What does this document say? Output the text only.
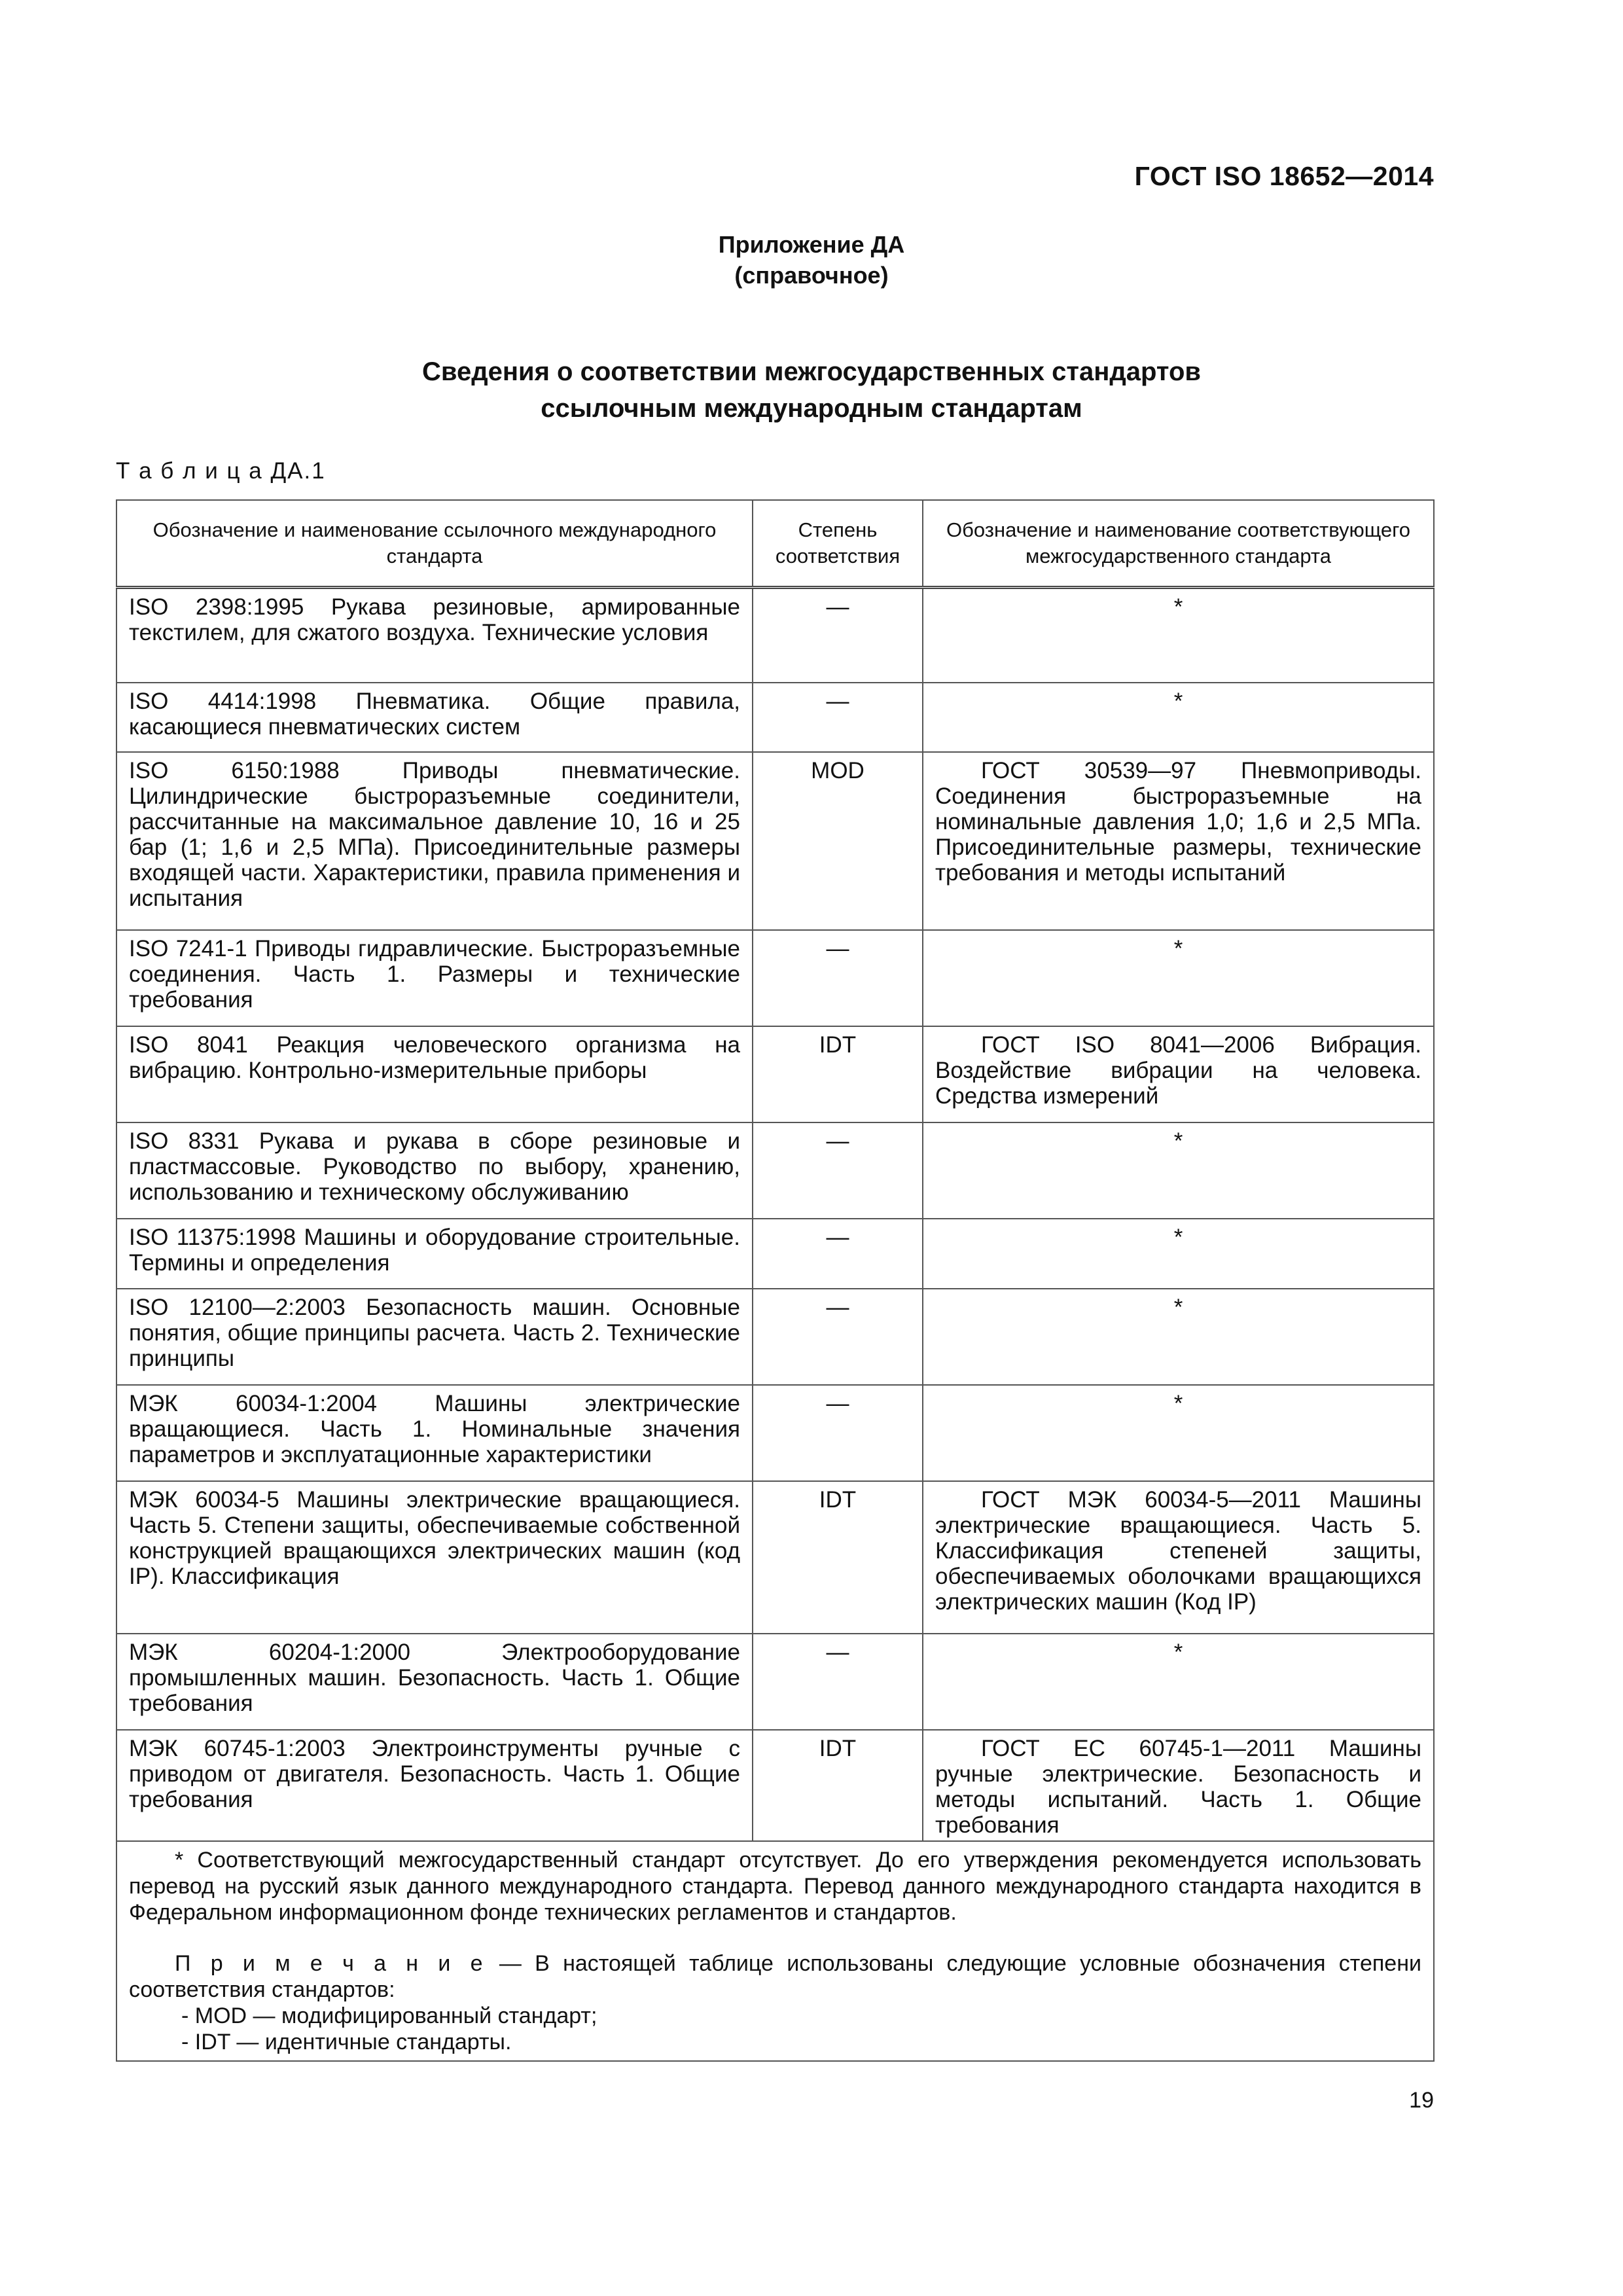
ГОСТ ISO 18652—2014
Приложение ДА
(справочное)
Сведения о соответствии межгосударственных стандартов
ссылочным международным стандартам
Т а б л и ц а ДА.1
Обозначение и наименование ссылочного международного стандарта	Степень соответствия	Обозначение и наименование соответствующего межгосударственного стандарта
ISO 2398:1995 Рукава резиновые, армированные текстилем, для сжатого воздуха. Технические условия	—	*
ISO 4414:1998 Пневматика. Общие правила, касающиеся пневматических систем	—	*
ISO 6150:1988 Приводы пневматические. Цилиндрические быстроразъемные соединители, рассчитанные на максимальное давление 10, 16 и 25 бар (1; 1,6 и 2,5 МПа). Присоединительные размеры входящей части. Характеристики, правила применения и испытания	MOD	ГОСТ 30539—97 Пневмоприводы. Соединения быстроразъемные на номинальные давления 1,0; 1,6 и 2,5 МПа. Присоединительные размеры, технические требования и методы испытаний
ISO 7241-1 Приводы гидравлические. Быстроразъемные соединения. Часть 1. Размеры и технические требования	—	*
ISO 8041 Реакция человеческого организма на вибрацию. Контрольно-измерительные приборы	IDT	ГОСТ ISO 8041—2006 Вибрация. Воздействие вибрации на человека. Средства измерений
ISO 8331 Рукава и рукава в сборе резиновые и пластмассовые. Руководство по выбору, хранению, использованию и техническому обслуживанию	—	*
ISO 11375:1998 Машины и оборудование строительные. Термины и определения	—	*
ISO 12100—2:2003 Безопасность машин. Основные понятия, общие принципы расчета. Часть 2. Технические принципы	—	*
МЭК 60034-1:2004 Машины электрические вращающиеся. Часть 1. Номинальные значения параметров и эксплуатационные характеристики	—	*
МЭК 60034-5 Машины электрические вращающиеся. Часть 5. Степени защиты, обеспечиваемые собственной конструкцией вращающихся электрических машин (код IP). Классификация	IDT	ГОСТ МЭК 60034-5—2011 Машины электрические вращающиеся. Часть 5. Классификация степеней защиты, обеспечиваемых оболочками вращающихся электрических машин (Код IP)
МЭК 60204-1:2000 Электрооборудование промышленных машин. Безопасность. Часть 1. Общие требования	—	*
МЭК 60745-1:2003 Электроинструменты ручные с приводом от двигателя. Безопасность. Часть 1. Общие требования	IDT	ГОСТ EC 60745-1—2011 Машины ручные электрические. Безопасность и методы испытаний. Часть 1. Общие требования

* Соответствующий межгосударственный стандарт отсутствует. До его утверждения рекомендуется использовать перевод на русский язык данного международного стандарта. Перевод данного международного стандарта находится в Федеральном информационном фонде технических регламентов и стандартов.
П р и м е ч а н и е — В настоящей таблице использованы следующие условные обозначения степени соответствия стандартов:
- MOD — модифицированный стандарт;
- IDT — идентичные стандарты.		
19
